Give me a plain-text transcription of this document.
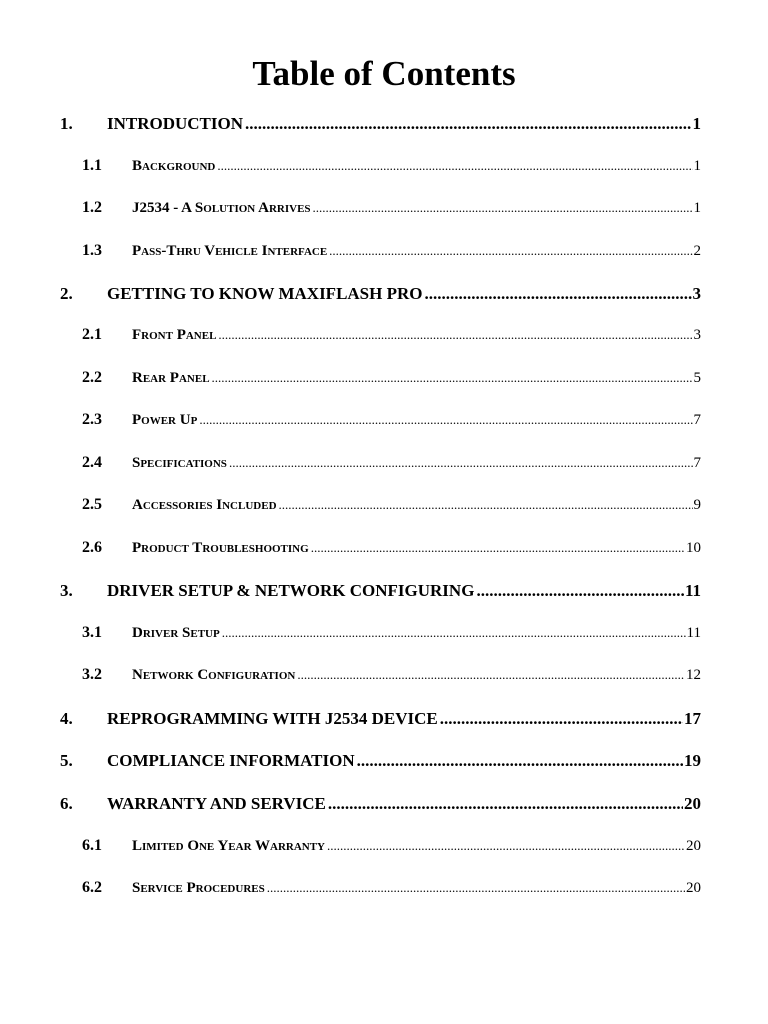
Table of Contents
1.	INTRODUCTION .....	1
1.1	Background .....	1
1.2	J2534 - A Solution Arrives .....	1
1.3	Pass-Thru Vehicle Interface .....	2
2.	GETTING TO KNOW MAXIFLASH PRO .....	3
2.1	Front Panel .....	3
2.2	Rear Panel .....	5
2.3	Power Up .....	7
2.4	Specifications .....	7
2.5	Accessories Included .....	9
2.6	Product Troubleshooting .....	10
3.	DRIVER SETUP & NETWORK CONFIGURING .....	11
3.1	Driver Setup .....	11
3.2	Network Configuration .....	12
4.	REPROGRAMMING WITH J2534 DEVICE .....	17
5.	COMPLIANCE INFORMATION .....	19
6.	WARRANTY AND SERVICE .....	20
6.1	Limited One Year Warranty .....	20
6.2	Service Procedures .....	20
